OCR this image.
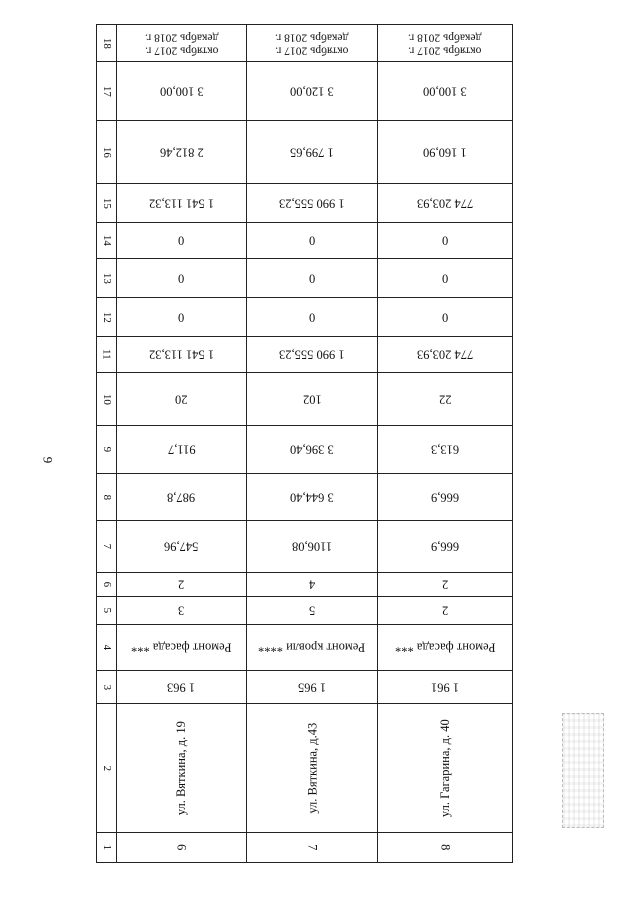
9
18
17
16
15
14
13
12
11
10
9
8
7
6
5
4
3
2
1
октябрь 2017 г.
декабрь 2018 г.
3 100,00
2 812,46
1 541 113,32
0
0
0
1 541 113,32
20
911,7
987,8
547,96
2
3
Ремонт фасада ***
1 963
ул. Вяткина, д. 19
6
октябрь 2017 г.
декабрь 2018 г.
3 120,00
1 799,65
1 990 555,23
0
0
0
1 990 555,23
102
3 396,40
3 644,40
1106,08
4
5
Ремонт кровли ****
1 965
ул. Вяткина, д.43
7
октябрь 2017 г.
декабрь 2018 г.
3 100,00
1 160,90
774 203,93
0
0
0
774 203,93
22
613,3
666,9
666,9
2
2
Ремонт фасада ***
1 961
ул. Гагарина, д. 40
8
